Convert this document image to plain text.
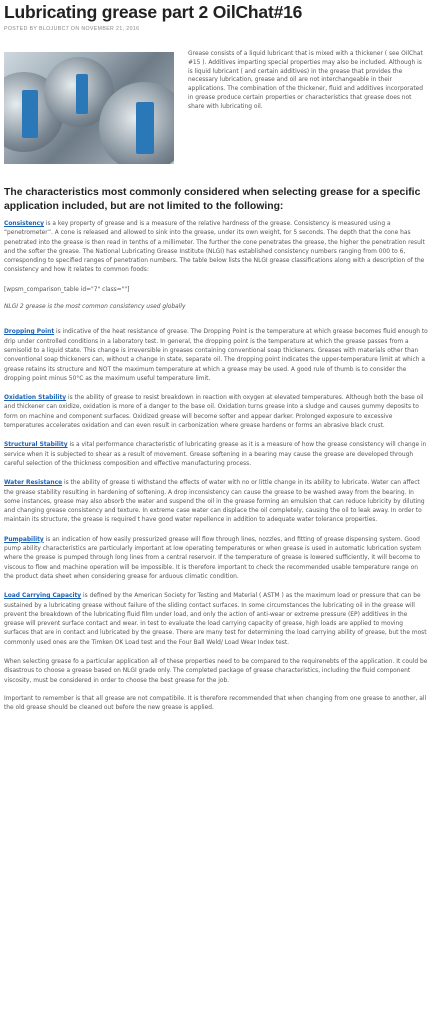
Lubricating grease part 2 OilChat#16
POSTED BY BLOJUBC7 ON NOVEMBER 21, 2016
Grease consists of a liquid lubricant that is mixed with a thickener ( see OilChat #15 ). Additives imparting special properties may also be included. Although is is liquid lubricant ( and certain additives) in the grease that provides the necessary lubrication, grease and oil are not interchangeable in their applications. The combination of the thickener, fluid and additives incorporated in grease produce certain properties or characteristics that grease does not share with lubricating oil.
The characteristics most commonly considered when selecting grease for a specific application included, but are not limited to the following:

Consistency is a key property of grease and is a measure of the relative hardness of the grease. Consistency is measured using a “penetrometer”. A cone is released and allowed to sink into the grease, under its own weight, for 5 seconds. The depth that the cone has penetrated into the grease is then read in tenths of a millimeter. The further the cone penetrates the grease, the higher the penetration result and the softer the grease. The National Lubricating Grease Institute (NLGI) has established consistency numbers ranging from 000 to 6, corresponding to specified ranges of penetration numbers. The table below lists the NLGI grease classifications along with a description of the consistency and how it relates to common foods:

[wpsm_comparison_table id="7" class=""]

NLGI 2 grease is the most common consistency used globally

Dropping Point is indicative of the heat resistance of grease. The Dropping Point is the temperature at which grease becomes fluid enough to drip under controlled conditions in a laboratory test. In general, the dropping point is the temperature at which the grease passes from a semisolid to a liquid state. This change is irreversible in greases containing conventional soap thickeners. Greases with materials other than conventional soap thickeners can, without a change in state, separate oil. The dropping point indicates the upper-temperature limit at which a grease retains its structure and NOT the maximum temperature at which a grease may be used. A good rule of thumb is to consider the dropping point minus 50°C as the maximum useful temperature limit.

Oxidation Stability is the ability of grease to resist breakdown in reaction with oxygen at elevated temperatures. Although both the base oil and thickener can oxidize, oxidation is more of a danger to the base oil. Oxidation turns grease into a sludge and causes gummy deposits to form on machine and component surfaces. Oxidized grease will become softer and appear darker. Prolonged exposure to excessive temperatures accelerates oxidation and can even result in carbonization where grease hardens or forms an abrasive black crust.

Structural Stability is a vital performance characteristic of lubricating grease as it is a measure of how the grease consistency will change in service when it is subjected to shear as a result of movement. Grease softening in a bearing may cause the grease are developed through careful selection of the thickness composition and effective manufacturing process.

Water Resistance is the ability of grease ti withstand the effects of water with no or little change in its ability to lubricate. Water can affect the grease stability resulting in hardening of softening. A drop inconsistency can cause the grease to be washed away from the bearing. In some instances, grease may also absorb the water and suspend the oil in the grease forming an emulsion that can reduce lubricity by diluting and changing grease consistency and texture. In extreme case water can displace the oil completely, causing the oil to leak away. In order to maintain its structure, the grease is required t have good water repellence in addition to adequate water tolerance properties.

Pumpability is an indication of how easily pressurized grease will flow through lines, nozzles, and fitting of grease dispensing system. Good pump ability characteristics are particularly important at low operating temperatures or when grease is used in automatic lubrication system where the grease is pumped through long lines from a central reservoir. If the temperature of grease is lowered sufficiently, it will become to viscous to flow and machine operation will be impossible. It is therefore important to check the recommended usable temperature range on the product data sheet when considering grease for arduous climatic condition.

Load Carrying Capacity is defined by the American Society for Testing and Material ( ASTM ) as the maximum load or pressure that can be sustained by a lubricating grease without failure of the sliding contact surfaces. In some circumstances the lubricating oil in the grease will prevent the breakdown of the lubricating fluid film under load, and only the action of anti-wear or extreme pressure (EP) additives in the grease will prevent surface contact and wear. in test to evaluate the load carrying capacity of grease, high loads are applied to moving surfaces that are in contact and lubricated by the grease. There are many test for determining the load carrying ability of grease, but the most commonly used ones are the Timken OK Load test and the Four Ball Weld/ Load Wear Index test.

When selecting grease fo a particular application all of these properties need to be compared to the requirenebts of the application. It could be disastrous to choose a grease based on NLGI grade only. The completed package of grease characteristics, including the fluid component viscosity, must be considered in order to choose the best grease for the job.

Important to remember is that all grease are not compatibile. It is therefore recommended that when changing from one grease to another, all the old grease should be cleaned out before the new grease is applied.
